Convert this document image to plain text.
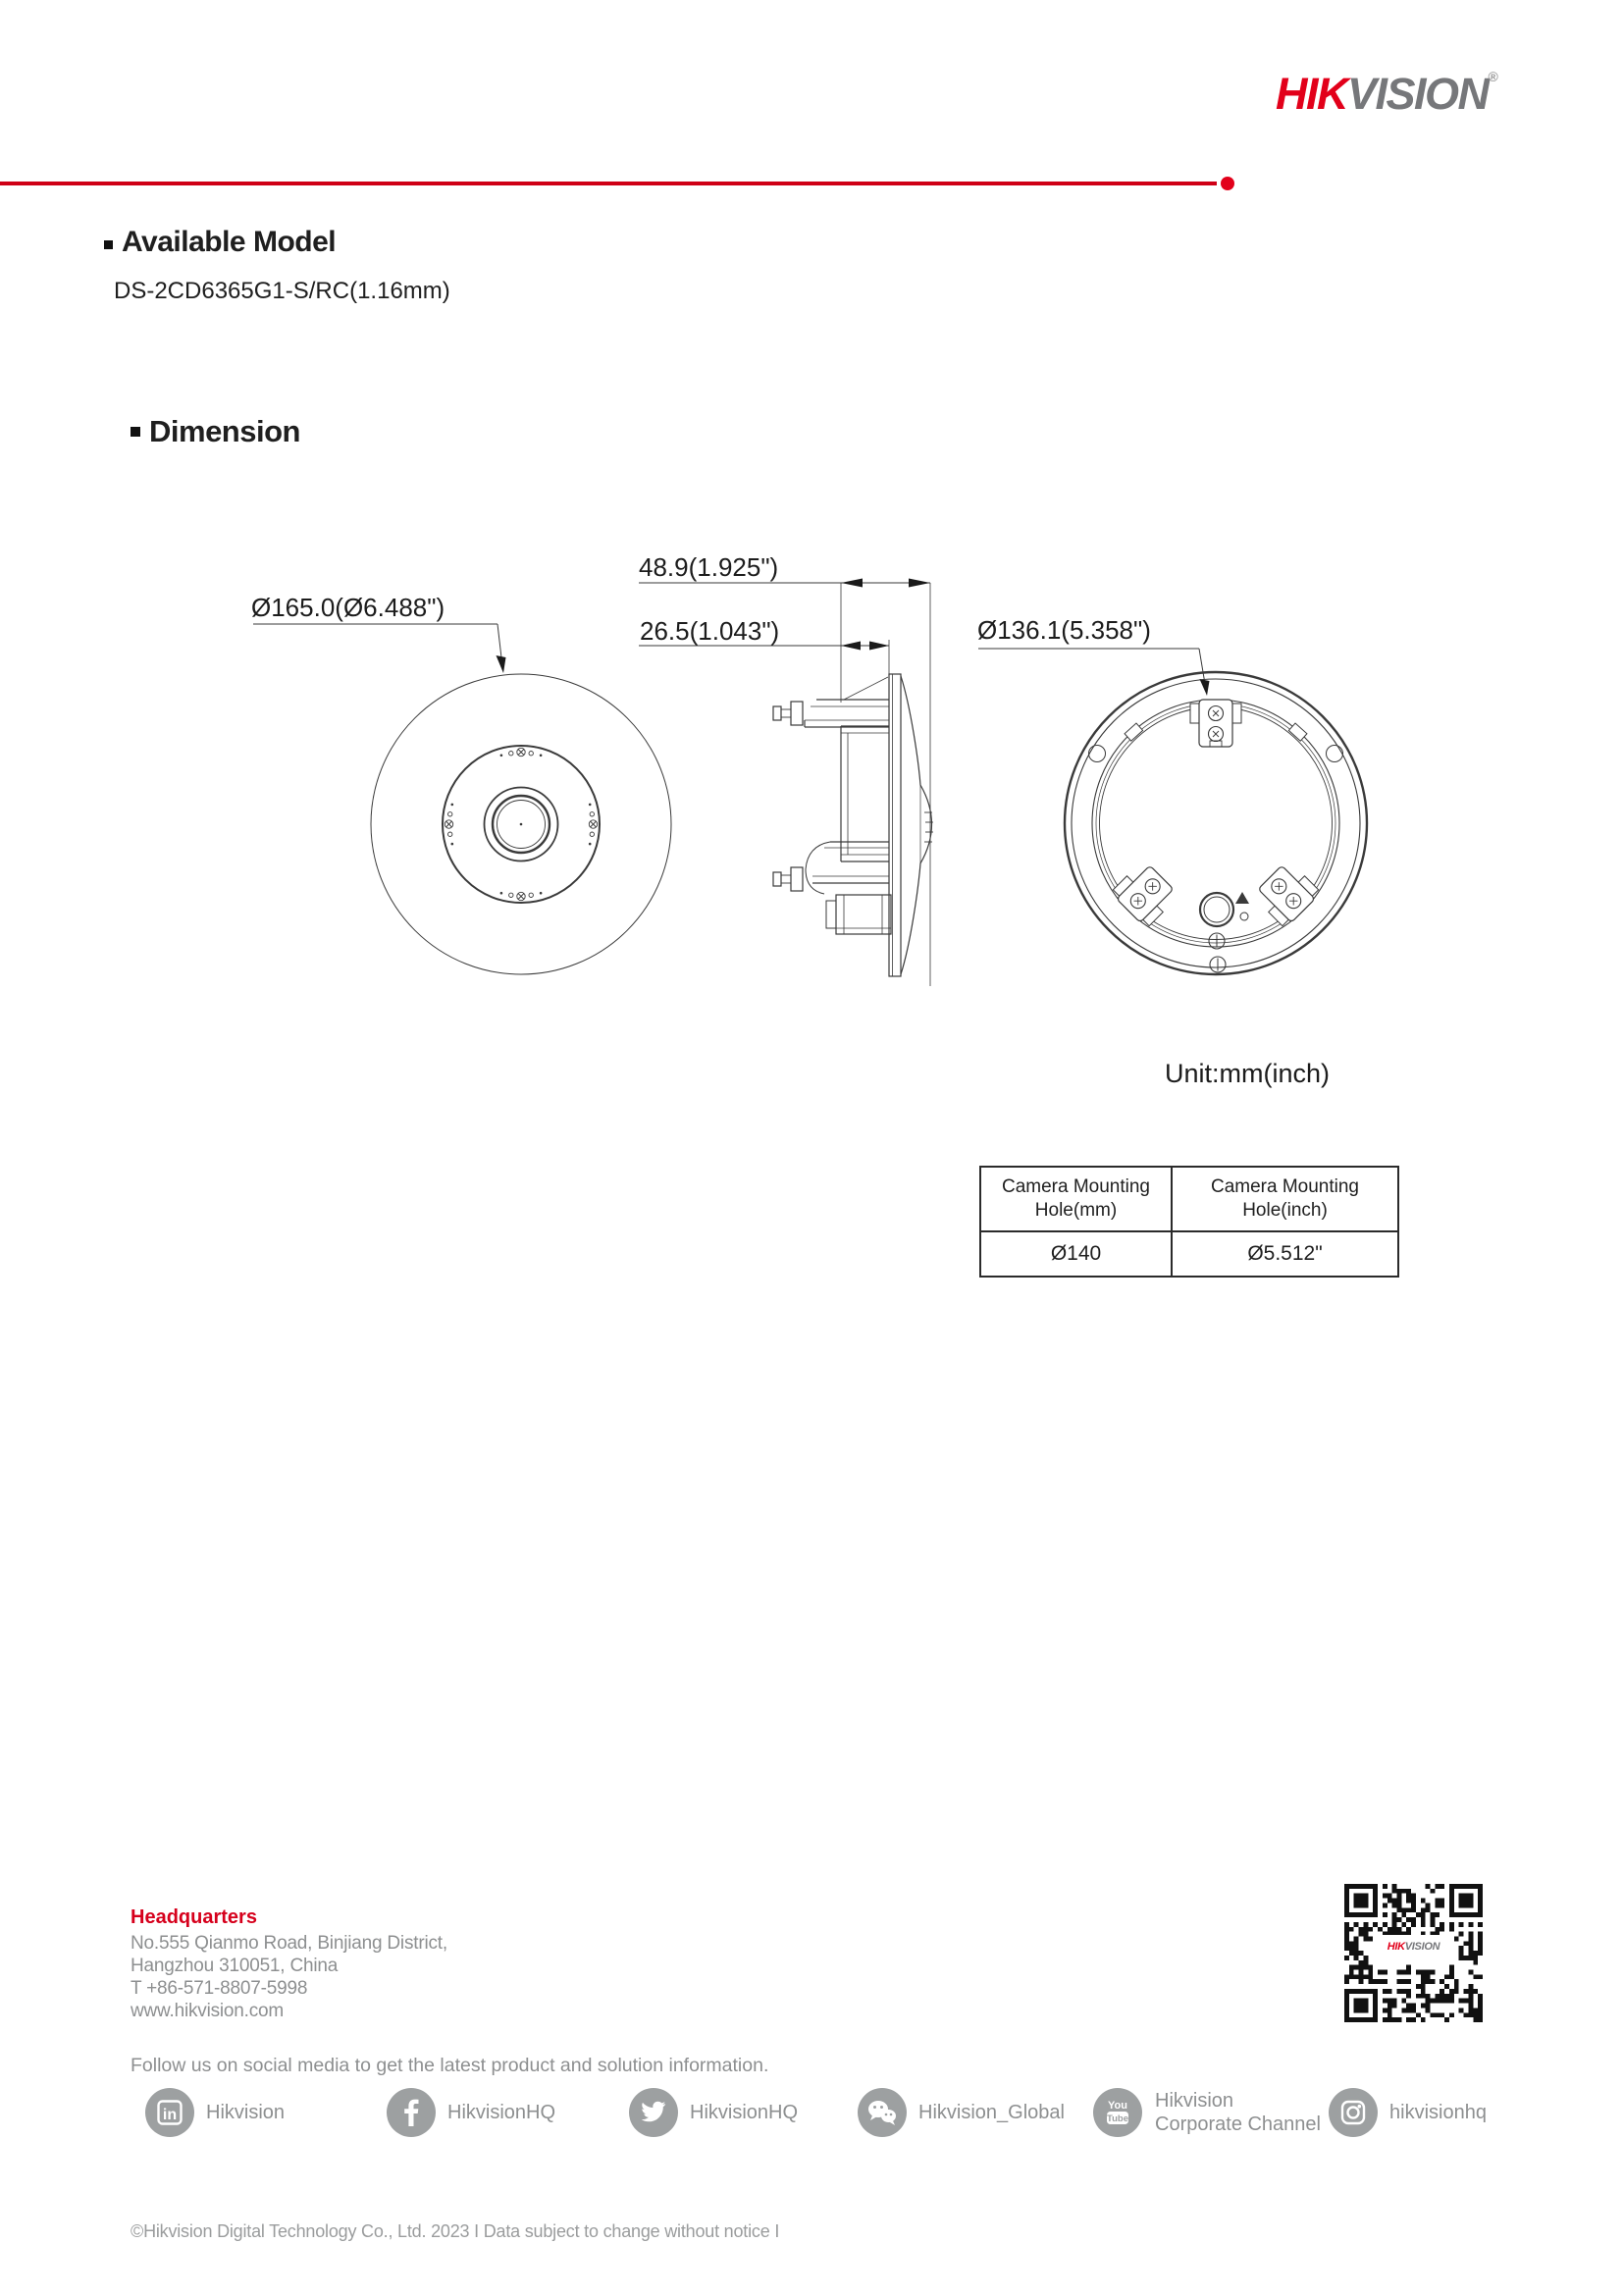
HIKVISION®
Available Model
DS-2CD6365G1-S/RC(1.16mm)
Dimension
Ø165.0(Ø6.488")
48.9(1.925")
26.5(1.043")	Ø136.1(5.358")
Unit:mm(inch)
Camera Mounting Hole(mm)	Camera Mounting Hole(inch)
Ø140	Ø5.512"
Headquarters
No.555 Qianmo Road, Binjiang District,
Hangzhou 310051, China
T +86-571-8807-5998
www.hikvision.com
Follow us on social media to get the latest product and solution information.
in Hikvision	HikvisionHQ	HikvisionHQ	Hikvision_Global	You
Tube
Hikvision
Corporate Channel
hikvisionhq
HIK VISION
©Hikvision Digital Technology Co., Ltd. 2023 I Data subject to change without notice I
